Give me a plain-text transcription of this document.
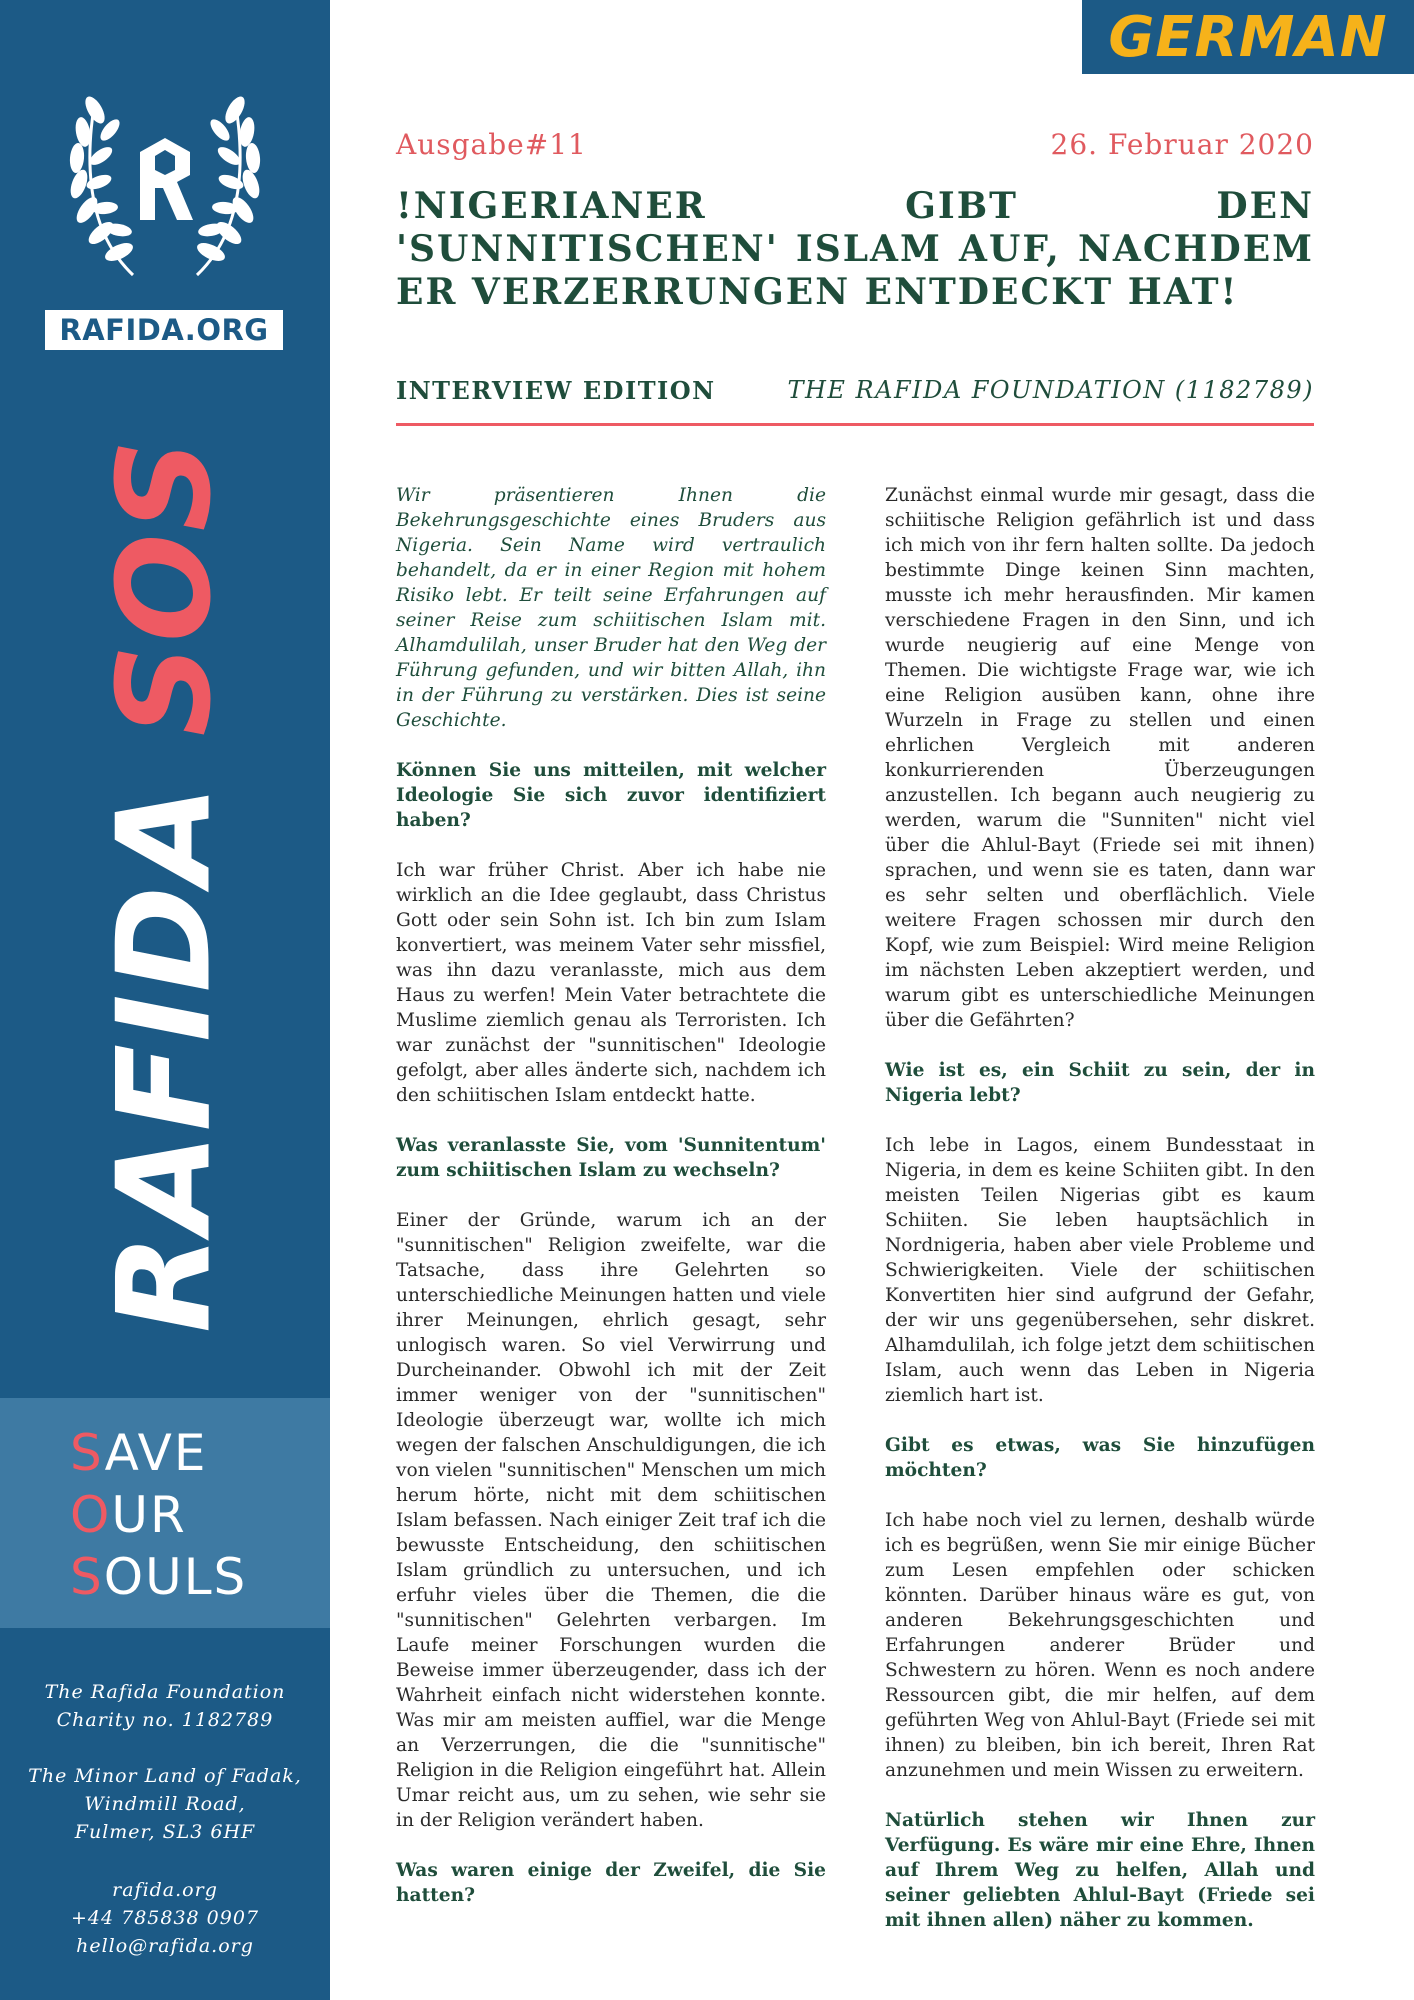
RAFIDA.ORG
RAFIDA SOS
SAVE
OUR
SOULS
The Rafida Foundation
Charity no. 1182789
The Minor Land of Fadak,
Windmill Road,
Fulmer, SL3 6HF
rafida.org
+44 785838 0907
hello@rafida.org
GERMAN
Ausgabe#11	26. Februar 2020
!NIGERIANER GIBT DEN 'SUNNITISCHEN' ISLAM AUF, NACHDEM ER VERZERRUNGEN ENTDECKT HAT!
INTERVIEW EDITION	THE RAFIDA FOUNDATION (1182789)

Wir präsentieren Ihnen die Bekehrungsgeschichte eines Bruders aus Nigeria. Sein Name wird vertraulich behandelt, da er in einer Region mit hohem Risiko lebt. Er teilt seine Erfahrungen auf seiner Reise zum schiitischen Islam mit. Alhamdulilah, unser Bruder hat den Weg der Führung gefunden, und wir bitten Allah, ihn in der Führung zu verstärken. Dies ist seine Geschichte.

Können Sie uns mitteilen, mit welcher Ideologie Sie sich zuvor identifiziert haben?

Ich war früher Christ. Aber ich habe nie wirklich an die Idee geglaubt, dass Christus Gott oder sein Sohn ist. Ich bin zum Islam konvertiert, was meinem Vater sehr missfiel, was ihn dazu veranlasste, mich aus dem Haus zu werfen! Mein Vater betrachtete die Muslime ziemlich genau als Terroristen. Ich war zunächst der "sunnitischen" Ideologie gefolgt, aber alles änderte sich, nachdem ich den schiitischen Islam entdeckt hatte.

Was veranlasste Sie, vom 'Sunnitentum' zum schiitischen Islam zu wechseln?

Einer der Gründe, warum ich an der "sunnitischen" Religion zweifelte, war die Tatsache, dass ihre Gelehrten so unterschiedliche Meinungen hatten und viele ihrer Meinungen, ehrlich gesagt, sehr unlogisch waren. So viel Verwirrung und Durcheinander. Obwohl ich mit der Zeit immer weniger von der "sunnitischen" Ideologie überzeugt war, wollte ich mich wegen der falschen Anschuldigungen, die ich von vielen "sunnitischen" Menschen um mich herum hörte, nicht mit dem schiitischen Islam befassen. Nach einiger Zeit traf ich die bewusste Entscheidung, den schiitischen Islam gründlich zu untersuchen, und ich erfuhr vieles über die Themen, die die "sunnitischen" Gelehrten verbargen. Im Laufe meiner Forschungen wurden die Beweise immer überzeugender, dass ich der Wahrheit einfach nicht widerstehen konnte. Was mir am meisten auffiel, war die Menge an Verzerrungen, die die "sunnitische" Religion in die Religion eingeführt hat. Allein Umar reicht aus, um zu sehen, wie sehr sie in der Religion verändert haben.

Was waren einige der Zweifel, die Sie hatten?

Zunächst einmal wurde mir gesagt, dass die schiitische Religion gefährlich ist und dass ich mich von ihr fern halten sollte. Da jedoch bestimmte Dinge keinen Sinn machten, musste ich mehr herausfinden. Mir kamen verschiedene Fragen in den Sinn, und ich wurde neugierig auf eine Menge von Themen. Die wichtigste Frage war, wie ich eine Religion ausüben kann, ohne ihre Wurzeln in Frage zu stellen und einen ehrlichen Vergleich mit anderen konkurrierenden Überzeugungen anzustellen. Ich begann auch neugierig zu werden, warum die "Sunniten" nicht viel über die Ahlul-Bayt (Friede sei mit ihnen) sprachen, und wenn sie es taten, dann war es sehr selten und oberflächlich. Viele weitere Fragen schossen mir durch den Kopf, wie zum Beispiel: Wird meine Religion im nächsten Leben akzeptiert werden, und warum gibt es unterschiedliche Meinungen über die Gefährten?

Wie ist es, ein Schiit zu sein, der in Nigeria lebt?

Ich lebe in Lagos, einem Bundesstaat in Nigeria, in dem es keine Schiiten gibt. In den meisten Teilen Nigerias gibt es kaum Schiiten. Sie leben hauptsächlich in Nordnigeria, haben aber viele Probleme und Schwierigkeiten. Viele der schiitischen Konvertiten hier sind aufgrund der Gefahr, der wir uns gegenübersehen, sehr diskret. Alhamdulilah, ich folge jetzt dem schiitischen Islam, auch wenn das Leben in Nigeria ziemlich hart ist.

Gibt es etwas, was Sie hinzufügen möchten?

Ich habe noch viel zu lernen, deshalb würde ich es begrüßen, wenn Sie mir einige Bücher zum Lesen empfehlen oder schicken könnten. Darüber hinaus wäre es gut, von anderen Bekehrungsgeschichten und Erfahrungen anderer Brüder und Schwestern zu hören. Wenn es noch andere Ressourcen gibt, die mir helfen, auf dem geführten Weg von Ahlul-Bayt (Friede sei mit ihnen) zu bleiben, bin ich bereit, Ihren Rat anzunehmen und mein Wissen zu erweitern.

Natürlich stehen wir Ihnen zur Verfügung. Es wäre mir eine Ehre, Ihnen auf Ihrem Weg zu helfen, Allah und seiner geliebten Ahlul-Bayt (Friede sei mit ihnen allen) näher zu kommen.
